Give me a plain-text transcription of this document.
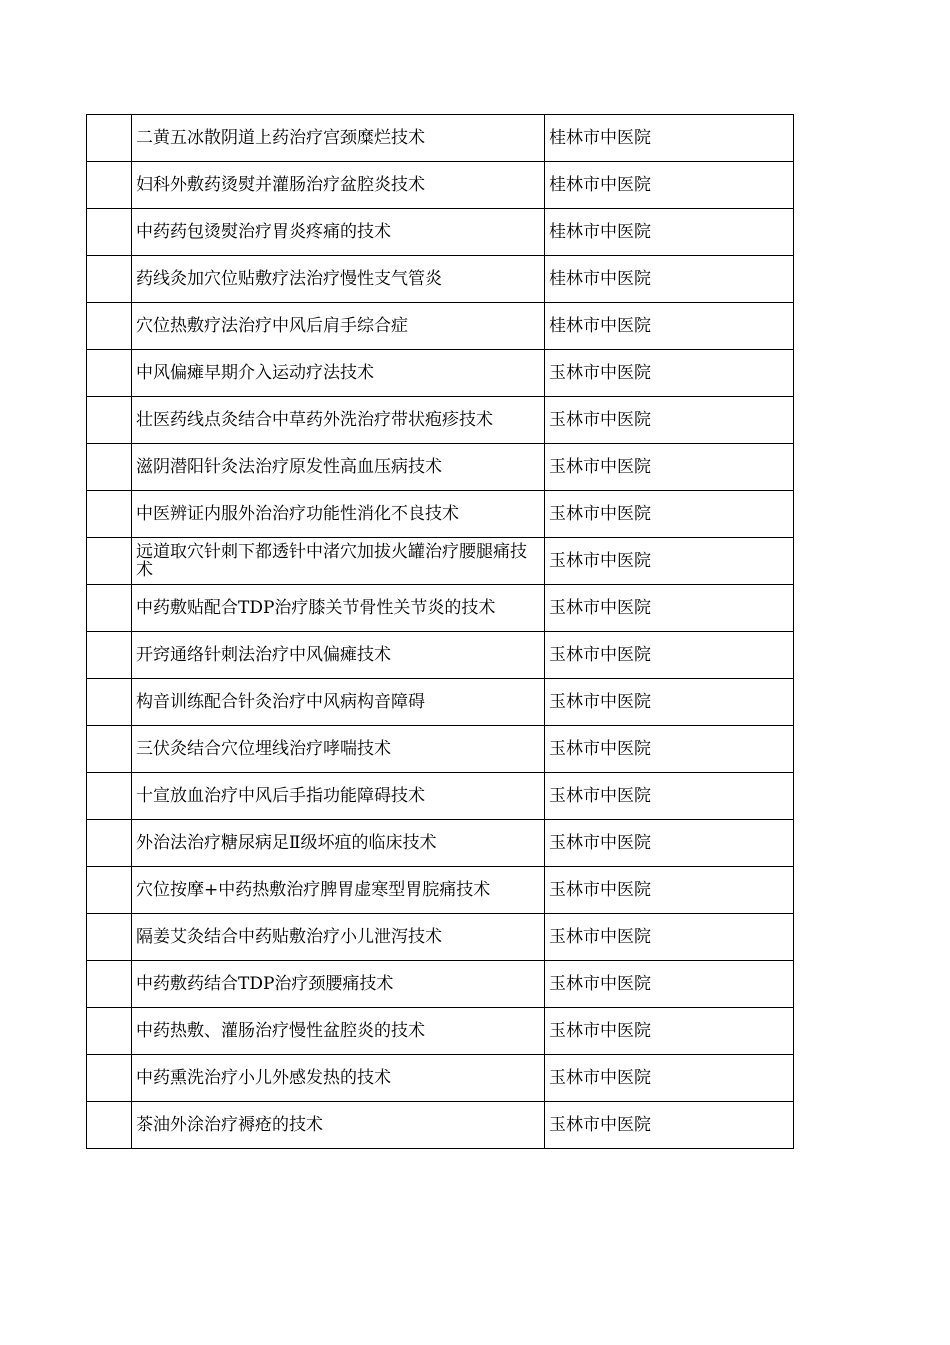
	二黄五冰散阴道上药治疗宫颈糜烂技术	桂林市中医院
	妇科外敷药烫熨并灌肠治疗盆腔炎技术	桂林市中医院
	中药药包烫熨治疗胃炎疼痛的技术	桂林市中医院
	药线灸加穴位贴敷疗法治疗慢性支气管炎	桂林市中医院
	穴位热敷疗法治疗中风后肩手综合症	桂林市中医院
	中风偏瘫早期介入运动疗法技术	玉林市中医院
	壮医药线点灸结合中草药外洗治疗带状疱疹技术	玉林市中医院
	滋阴潜阳针灸法治疗原发性高血压病技术	玉林市中医院
	中医辨证内服外治治疗功能性消化不良技术	玉林市中医院
	远道取穴针刺下都透针中渚穴加拔火罐治疗腰腿痛技术	玉林市中医院
	中药敷贴配合TDP治疗膝关节骨性关节炎的技术	玉林市中医院
	开窍通络针刺法治疗中风偏瘫技术	玉林市中医院
	构音训练配合针灸治疗中风病构音障碍	玉林市中医院
	三伏灸结合穴位埋线治疗哮喘技术	玉林市中医院
	十宣放血治疗中风后手指功能障碍技术	玉林市中医院
	外治法治疗糖尿病足Ⅱ级坏疽的临床技术	玉林市中医院
	穴位按摩+中药热敷治疗脾胃虚寒型胃脘痛技术	玉林市中医院
	隔姜艾灸结合中药贴敷治疗小儿泄泻技术	玉林市中医院
	中药敷药结合TDP治疗颈腰痛技术	玉林市中医院
	中药热敷、灌肠治疗慢性盆腔炎的技术	玉林市中医院
	中药熏洗治疗小儿外感发热的技术	玉林市中医院
	茶油外涂治疗褥疮的技术	玉林市中医院
